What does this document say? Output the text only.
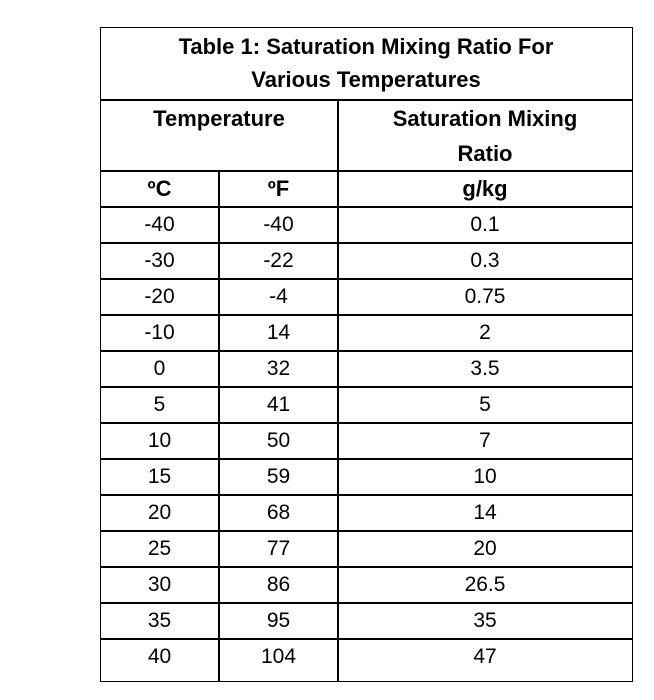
Table 1: Saturation Mixing Ratio For
Various Temperatures
Temperature	Saturation Mixing
Ratio
ºC	ºF	g/kg
-40	-40	0.1
-30	-22	0.3
-20	-4	0.75
-10	14	2
0	32	3.5
5	41	5
10	50	7
15	59	10
20	68	14
25	77	20
30	86	26.5
35	95	35
40	104	47
